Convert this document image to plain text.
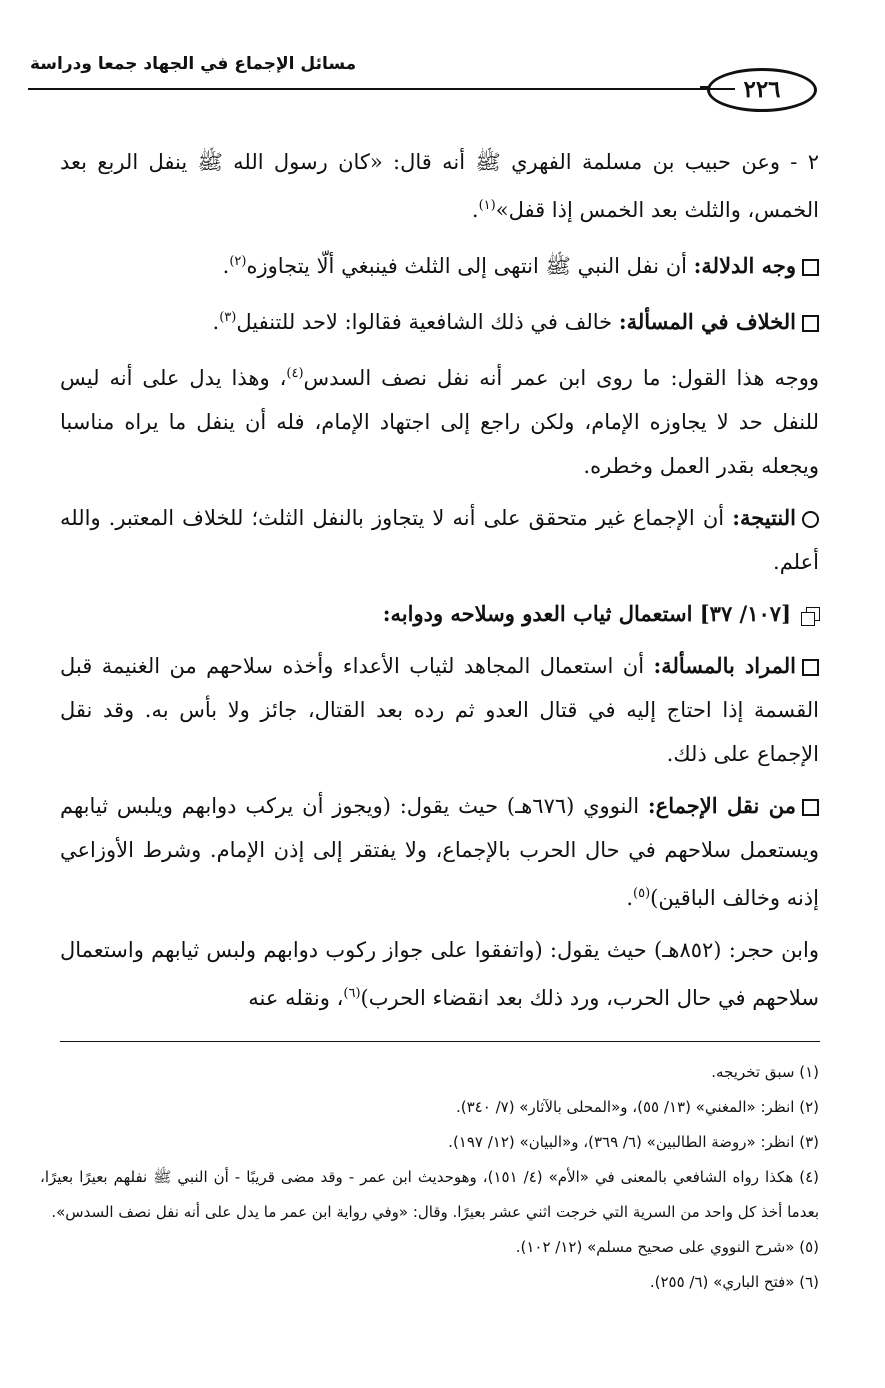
مسائل الإجماع في الجهاد جمعا ودراسة
٢٢٦

٢ - وعن حبيب بن مسلمة الفهري ﷺ أنه قال: «كان رسول الله ﷺ ينفل الربع بعد الخمس، والثلث بعد الخمس إذا قفل»$^{(١)}$.

وجه الدلالة: أن نفل النبي ﷺ انتهى إلى الثلث فينبغي ألّا يتجاوزه$^{(٢)}$.

الخلاف في المسألة: خالف في ذلك الشافعية فقالوا: لاحد للتنفيل$^{(٣)}$.

ووجه هذا القول: ما روى ابن عمر أنه نفل نصف السدس$^{(٤)}$، وهذا يدل على أنه ليس للنفل حد لا يجاوزه الإمام، ولكن راجع إلى اجتهاد الإمام، فله أن ينفل ما يراه مناسبا ويجعله بقدر العمل وخطره.

النتيجة: أن الإجماع غير متحقق على أنه لا يتجاوز بالنفل الثلث؛ للخلاف المعتبر. والله أعلم.

[١٠٧/ ٣٧] استعمال ثياب العدو وسلاحه ودوابه:

المراد بالمسألة: أن استعمال المجاهد لثياب الأعداء وأخذه سلاحهم من الغنيمة قبل القسمة إذا احتاج إليه في قتال العدو ثم رده بعد القتال، جائز ولا بأس به. وقد نقل الإجماع على ذلك.

من نقل الإجماع: النووي (٦٧٦هـ) حيث يقول: (ويجوز أن يركب دوابهم ويلبس ثيابهم ويستعمل سلاحهم في حال الحرب بالإجماع، ولا يفتقر إلى إذن الإمام. وشرط الأوزاعي إذنه وخالف الباقين)$^{(٥)}$.

وابن حجر: (٨٥٢هـ) حيث يقول: (واتفقوا على جواز ركوب دوابهم ولبس ثيابهم واستعمال سلاحهم في حال الحرب، ورد ذلك بعد انقضاء الحرب)$^{(٦)}$، ونقله عنه

(١) سبق تخريجه.

(٢) انظر: «المغني» (١٣/ ٥٥)، و«المحلى بالآثار» (٧/ ٣٤٠).

(٣) انظر: «روضة الطالبين» (٦/ ٣٦٩)، و«البيان» (١٢/ ١٩٧).

(٤) هكذا رواه الشافعي بالمعنى في «الأم» (٤/ ١٥١)، وهوحديث ابن عمر - وقد مضى قريبًا - أن النبي ﷺ نفلهم بعيرًا بعيرًا، بعدما أخذ كل واحد من السرية التي خرجت اثني عشر بعيرًا. وقال: «وفي رواية ابن عمر ما يدل على أنه نفل نصف السدس».

(٥) «شرح النووي على صحيح مسلم» (١٢/ ١٠٢).

(٦) «فتح الباري» (٦/ ٢٥٥).
